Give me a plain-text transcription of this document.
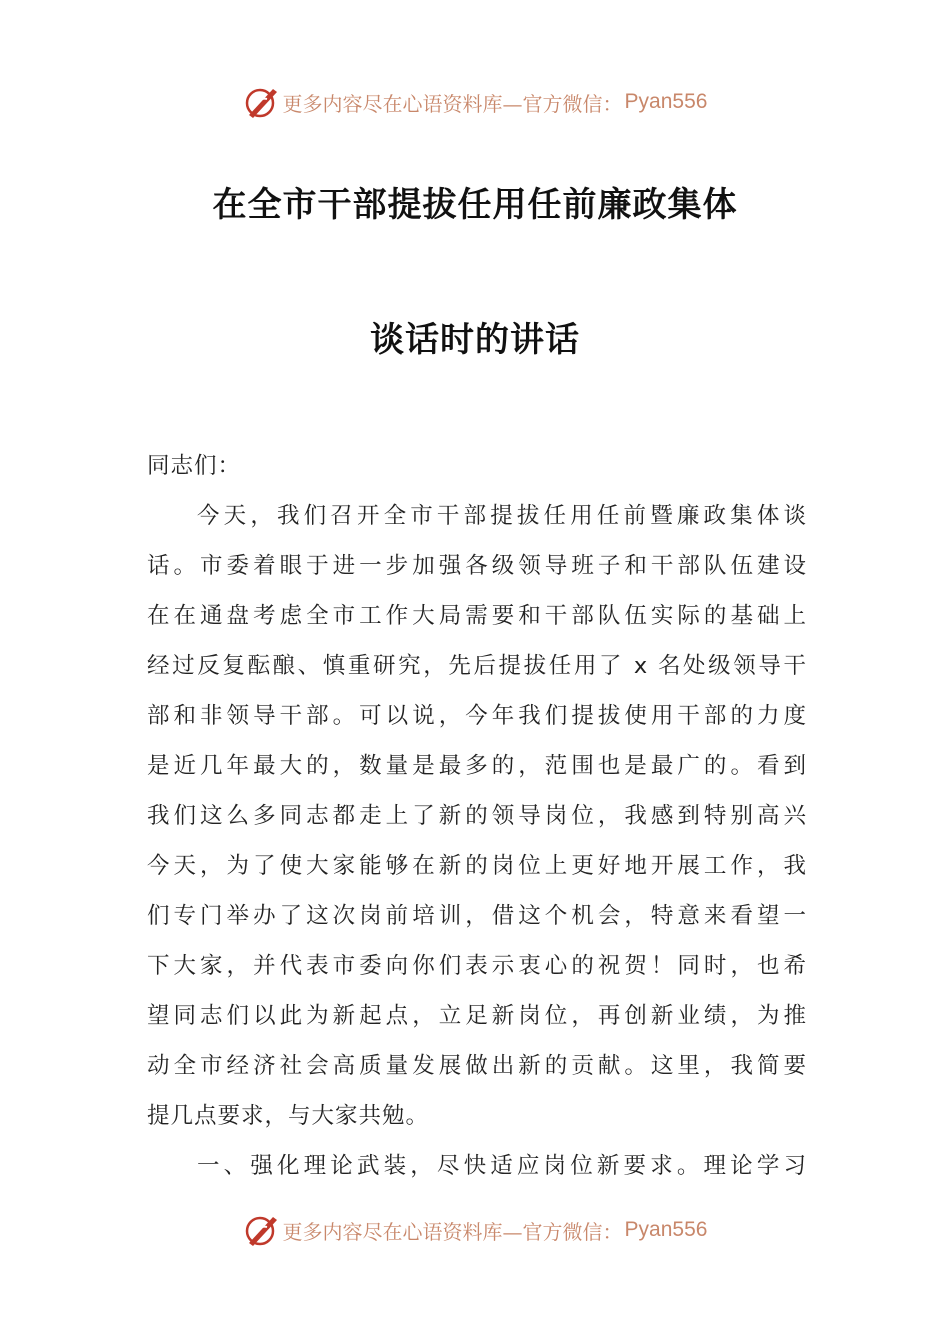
更多内容尽在心语资料库—官方微信： Pyan556
在全市干部提拔任用任前廉政集体
谈话时的讲话
同志们：
今天，我们召开全市干部提拔任用任前暨廉政集体谈
话。市委着眼于进一步加强各级领导班子和干部队伍建设
在在通盘考虑全市工作大局需要和干部队伍实际的基础上
经过反复酝酿、慎重研究，先后提拔任用了 x 名处级领导干
部和非领导干部。可以说，今年我们提拔使用干部的力度
是近几年最大的，数量是最多的，范围也是最广的。看到
我们这么多同志都走上了新的领导岗位，我感到特别高兴
今天，为了使大家能够在新的岗位上更好地开展工作，我
们专门举办了这次岗前培训，借这个机会，特意来看望一
下大家，并代表市委向你们表示衷心的祝贺！同时，也希
望同志们以此为新起点，立足新岗位，再创新业绩，为推
动全市经济社会高质量发展做出新的贡献。这里，我简要
提几点要求，与大家共勉。
一、强化理论武装，尽快适应岗位新要求。理论学习
更多内容尽在心语资料库—官方微信： Pyan556
